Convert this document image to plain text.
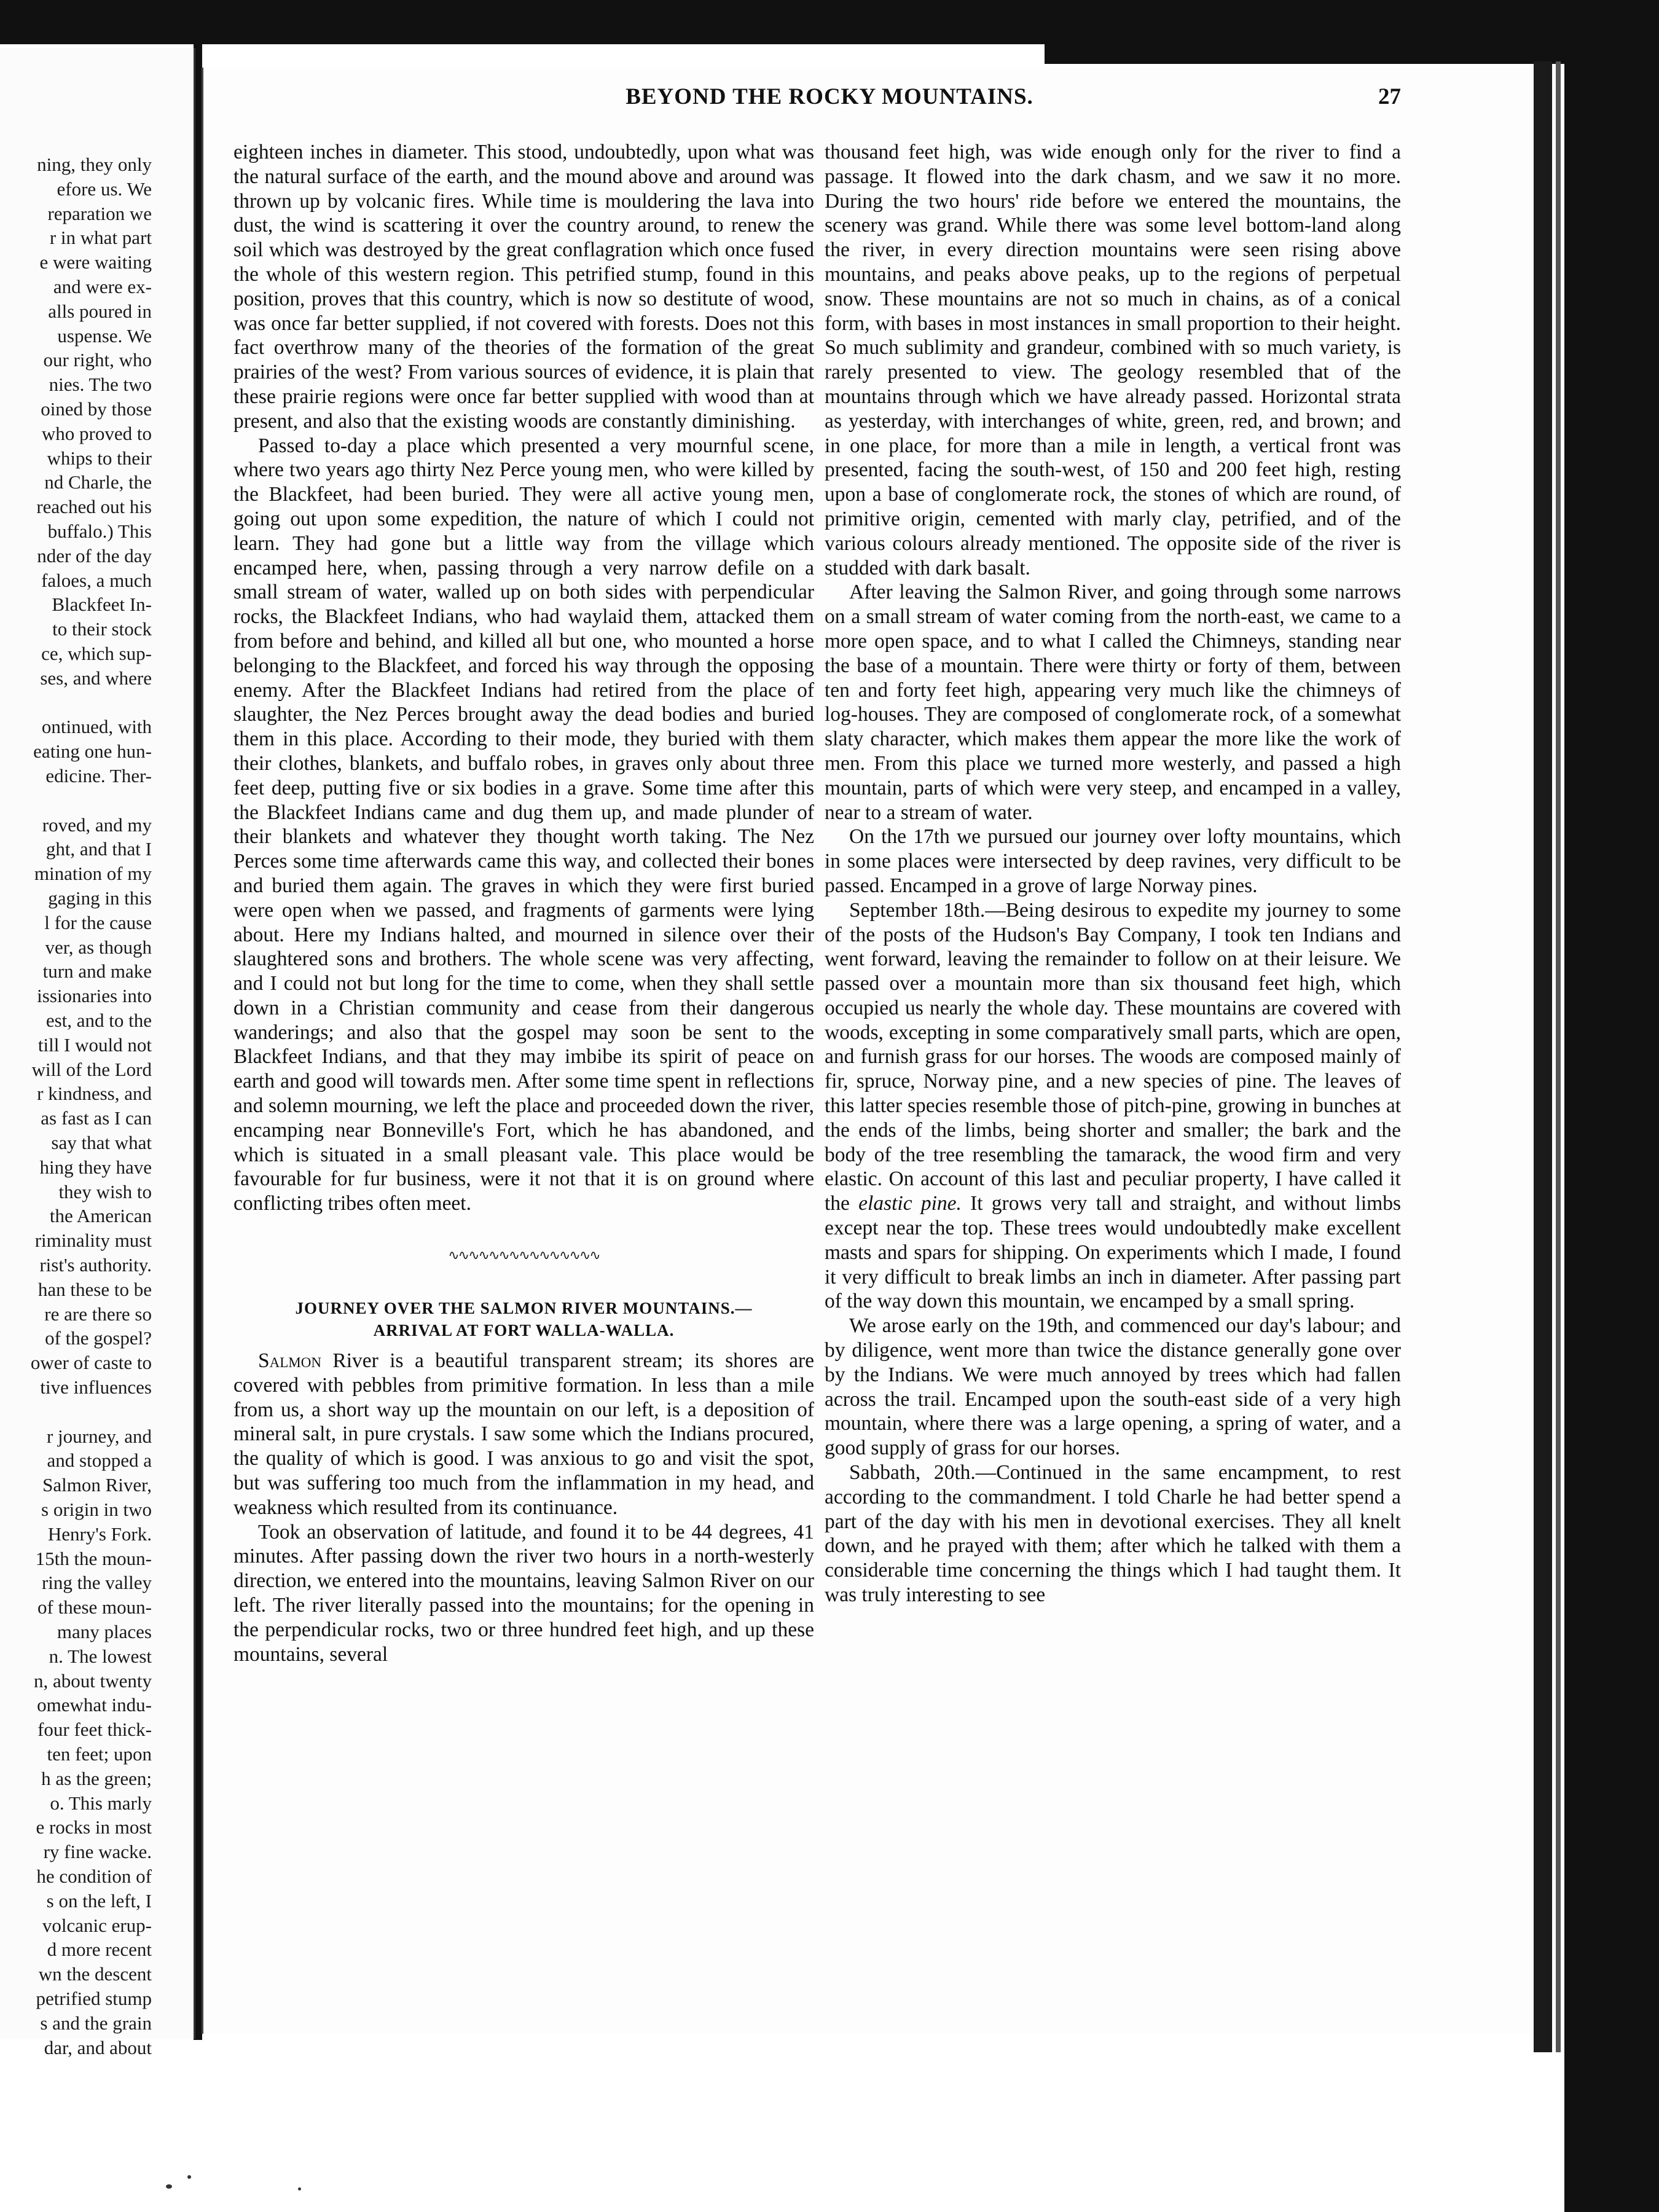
ning, they only
efore us. We
reparation we
r in what part
e were waiting
and were ex-
alls poured in
uspense. We
our right, who
nies. The two
oined by those
who proved to
whips to their
nd Charle, the
reached out his
buffalo.) This
nder of the day
faloes, a much
Blackfeet In-
to their stock
ce, which sup-
ses, and where
ontinued, with
eating one hun-
edicine. Ther-
roved, and my
ght, and that I
mination of my
gaging in this
l for the cause
ver, as though
turn and make
issionaries into
est, and to the
till I would not
will of the Lord
r kindness, and
as fast as I can
say that what
hing they have
they wish to
the American
riminality must
rist's authority.
han these to be
re are there so
of the gospel?
ower of caste to
tive influences
r journey, and
and stopped a
Salmon River,
s origin in two
Henry's Fork.
15th the moun-
ring the valley
of these moun-
many places
n. The lowest
n, about twenty
omewhat indu-
four feet thick-
ten feet; upon
h as the green;
o. This marly
e rocks in most
ry fine wacke.
he condition of
s on the left, I
volcanic erup-
d more recent
wn the descent
petrified stump
s and the grain
dar, and about
BEYOND THE ROCKY MOUNTAINS.	27

eighteen inches in diameter. This stood, undoubtedly, upon what was the natural surface of the earth, and the mound above and around was thrown up by volcanic fires. While time is mouldering the lava into dust, the wind is scattering it over the country around, to renew the soil which was destroyed by the great conflagration which once fused the whole of this western region. This petrified stump, found in this position, proves that this country, which is now so destitute of wood, was once far better supplied, if not covered with forests. Does not this fact overthrow many of the theories of the formation of the great prairies of the west? From various sources of evidence, it is plain that these prairie regions were once far better supplied with wood than at present, and also that the existing woods are constantly diminishing.

Passed to-day a place which presented a very mournful scene, where two years ago thirty Nez Perce young men, who were killed by the Blackfeet, had been buried. They were all active young men, going out upon some expedition, the nature of which I could not learn. They had gone but a little way from the village which encamped here, when, passing through a very narrow defile on a small stream of water, walled up on both sides with perpendicular rocks, the Blackfeet Indians, who had waylaid them, attacked them from before and behind, and killed all but one, who mounted a horse belonging to the Blackfeet, and forced his way through the opposing enemy. After the Blackfeet Indians had retired from the place of slaughter, the Nez Perces brought away the dead bodies and buried them in this place. According to their mode, they buried with them their clothes, blankets, and buffalo robes, in graves only about three feet deep, putting five or six bodies in a grave. Some time after this the Blackfeet Indians came and dug them up, and made plunder of their blankets and whatever they thought worth taking. The Nez Perces some time afterwards came this way, and collected their bones and buried them again. The graves in which they were first buried were open when we passed, and fragments of garments were lying about. Here my Indians halted, and mourned in silence over their slaughtered sons and brothers. The whole scene was very affecting, and I could not but long for the time to come, when they shall settle down in a Christian community and cease from their dangerous wanderings; and also that the gospel may soon be sent to the Blackfeet Indians, and that they may imbibe its spirit of peace on earth and good will towards men. After some time spent in reflections and solemn mourning, we left the place and proceeded down the river, encamping near Bonneville's Fort, which he has abandoned, and which is situated in a small pleasant vale. This place would be favourable for fur business, were it not that it is on ground where conflicting tribes often meet.

∿∿∿∿∿∿∿∿∿∿∿∿∿∿∿
JOURNEY OVER THE SALMON RIVER MOUNTAINS.—
ARRIVAL AT FORT WALLA-WALLA.

Salmon River is a beautiful transparent stream; its shores are covered with pebbles from primitive formation. In less than a mile from us, a short way up the mountain on our left, is a deposition of mineral salt, in pure crystals. I saw some which the Indians procured, the quality of which is good. I was anxious to go and visit the spot, but was suffering too much from the inflammation in my head, and weakness which resulted from its continuance.

Took an observation of latitude, and found it to be 44 degrees, 41 minutes. After passing down the river two hours in a north-westerly direction, we entered into the mountains, leaving Salmon River on our left. The river literally passed into the mountains; for the opening in the perpendicular rocks, two or three hundred feet high, and up these mountains, several

thousand feet high, was wide enough only for the river to find a passage. It flowed into the dark chasm, and we saw it no more. During the two hours' ride before we entered the mountains, the scenery was grand. While there was some level bottom-land along the river, in every direction mountains were seen rising above mountains, and peaks above peaks, up to the regions of perpetual snow. These mountains are not so much in chains, as of a conical form, with bases in most instances in small proportion to their height. So much sublimity and grandeur, combined with so much variety, is rarely presented to view. The geology resembled that of the mountains through which we have already passed. Horizontal strata as yesterday, with interchanges of white, green, red, and brown; and in one place, for more than a mile in length, a vertical front was presented, facing the south-west, of 150 and 200 feet high, resting upon a base of conglomerate rock, the stones of which are round, of primitive origin, cemented with marly clay, petrified, and of the various colours already mentioned. The opposite side of the river is studded with dark basalt.

After leaving the Salmon River, and going through some narrows on a small stream of water coming from the north-east, we came to a more open space, and to what I called the Chimneys, standing near the base of a mountain. There were thirty or forty of them, between ten and forty feet high, appearing very much like the chimneys of log-houses. They are composed of conglomerate rock, of a somewhat slaty character, which makes them appear the more like the work of men. From this place we turned more westerly, and passed a high mountain, parts of which were very steep, and encamped in a valley, near to a stream of water.

On the 17th we pursued our journey over lofty mountains, which in some places were intersected by deep ravines, very difficult to be passed. Encamped in a grove of large Norway pines.

September 18th.—Being desirous to expedite my journey to some of the posts of the Hudson's Bay Company, I took ten Indians and went forward, leaving the remainder to follow on at their leisure. We passed over a mountain more than six thousand feet high, which occupied us nearly the whole day. These mountains are covered with woods, excepting in some comparatively small parts, which are open, and furnish grass for our horses. The woods are composed mainly of fir, spruce, Norway pine, and a new species of pine. The leaves of this latter species resemble those of pitch-pine, growing in bunches at the ends of the limbs, being shorter and smaller; the bark and the body of the tree resembling the tamarack, the wood firm and very elastic. On account of this last and peculiar property, I have called it the elastic pine. It grows very tall and straight, and without limbs except near the top. These trees would undoubtedly make excellent masts and spars for shipping. On experiments which I made, I found it very difficult to break limbs an inch in diameter. After passing part of the way down this mountain, we encamped by a small spring.

We arose early on the 19th, and commenced our day's labour; and by diligence, went more than twice the distance generally gone over by the Indians. We were much annoyed by trees which had fallen across the trail. Encamped upon the south-east side of a very high mountain, where there was a large opening, a spring of water, and a good supply of grass for our horses.

Sabbath, 20th.—Continued in the same encampment, to rest according to the commandment. I told Charle he had better spend a part of the day with his men in devotional exercises. They all knelt down, and he prayed with them; after which he talked with them a considerable time concerning the things which I had taught them. It was truly interesting to see
